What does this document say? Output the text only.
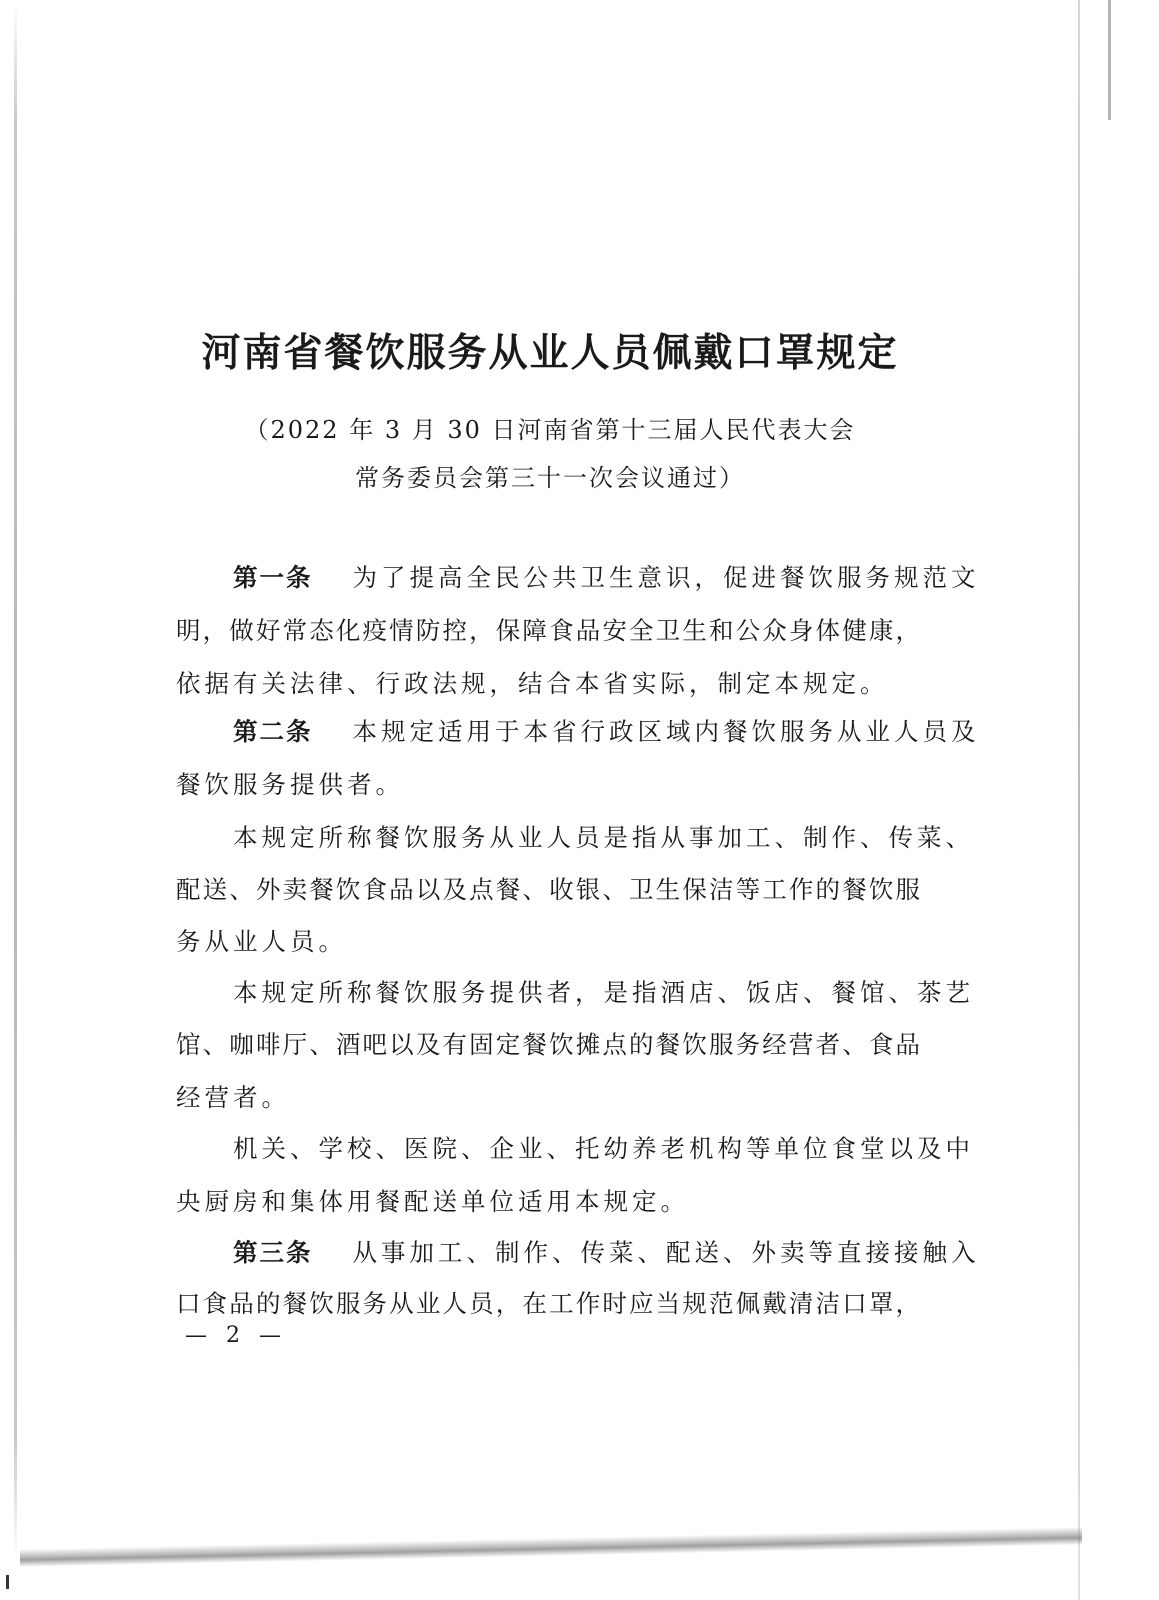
河南省餐饮服务从业人员佩戴口罩规定

（2022 年 3 月 30 日河南省第十三届人民代表大会

常务委员会第三十一次会议通过）

第一条 为了提高全民公共卫生意识，促进餐饮服务规范文

明，做好常态化疫情防控，保障食品安全卫生和公众身体健康，

依据有关法律、行政法规，结合本省实际，制定本规定。

第二条 本规定适用于本省行政区域内餐饮服务从业人员及

餐饮服务提供者。

本规定所称餐饮服务从业人员是指从事加工、制作、传菜、

配送、外卖餐饮食品以及点餐、收银、卫生保洁等工作的餐饮服

务从业人员。

本规定所称餐饮服务提供者，是指酒店、饭店、餐馆、茶艺

馆、咖啡厅、酒吧以及有固定餐饮摊点的餐饮服务经营者、食品

经营者。

机关、学校、医院、企业、托幼养老机构等单位食堂以及中

央厨房和集体用餐配送单位适用本规定。

第三条 从事加工、制作、传菜、配送、外卖等直接接触入

口食品的餐饮服务从业人员，在工作时应当规范佩戴清洁口罩，

— 2 —
